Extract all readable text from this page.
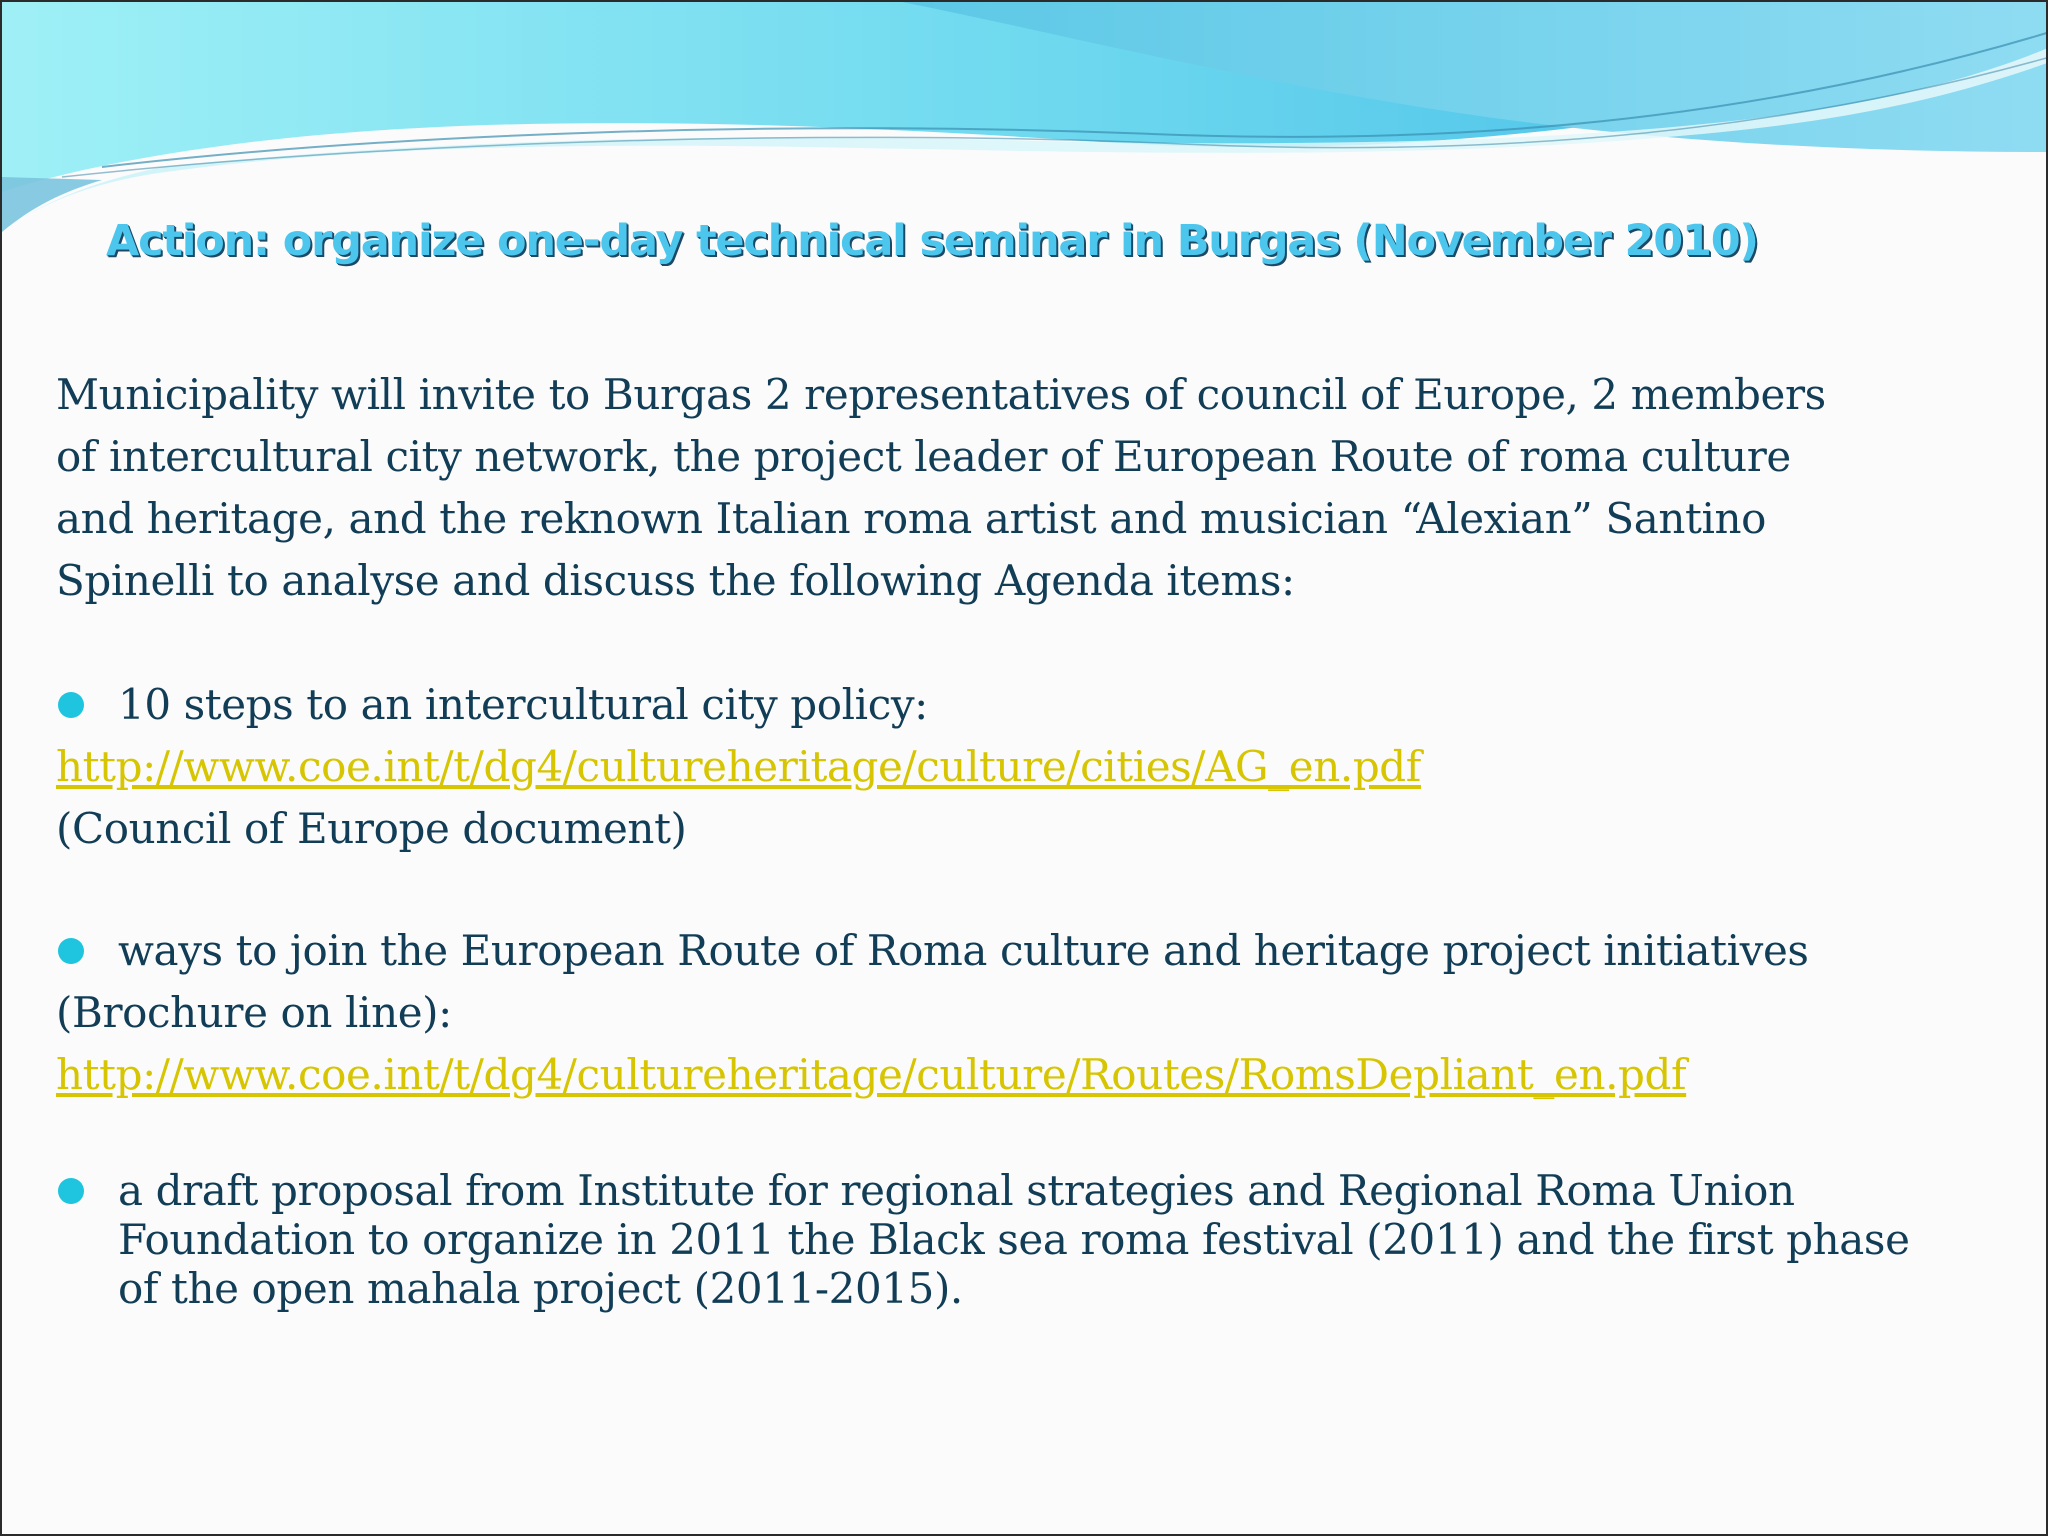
Action: organize one-day technical seminar in Burgas (November 2010)

Municipality will invite to Burgas 2 representatives of council of Europe, 2 members
of intercultural city network, the project leader of European Route of roma culture
and heritage, and the reknown Italian roma artist and musician “Alexian” Santino
Spinelli to analyse and discuss the following Agenda items:

10 steps to an intercultural city policy:
http://www.coe.int/t/dg4/cultureheritage/culture/cities/AG_en.pdf
(Council of Europe document)
ways to join the European Route of Roma culture and heritage project initiatives
(Brochure on line):
http://www.coe.int/t/dg4/cultureheritage/culture/Routes/RomsDepliant_en.pdf
a draft proposal from Institute for regional strategies and Regional Roma Union
Foundation to organize in 2011 the Black sea roma festival (2011) and the first phase
of the open mahala project (2011-2015).
